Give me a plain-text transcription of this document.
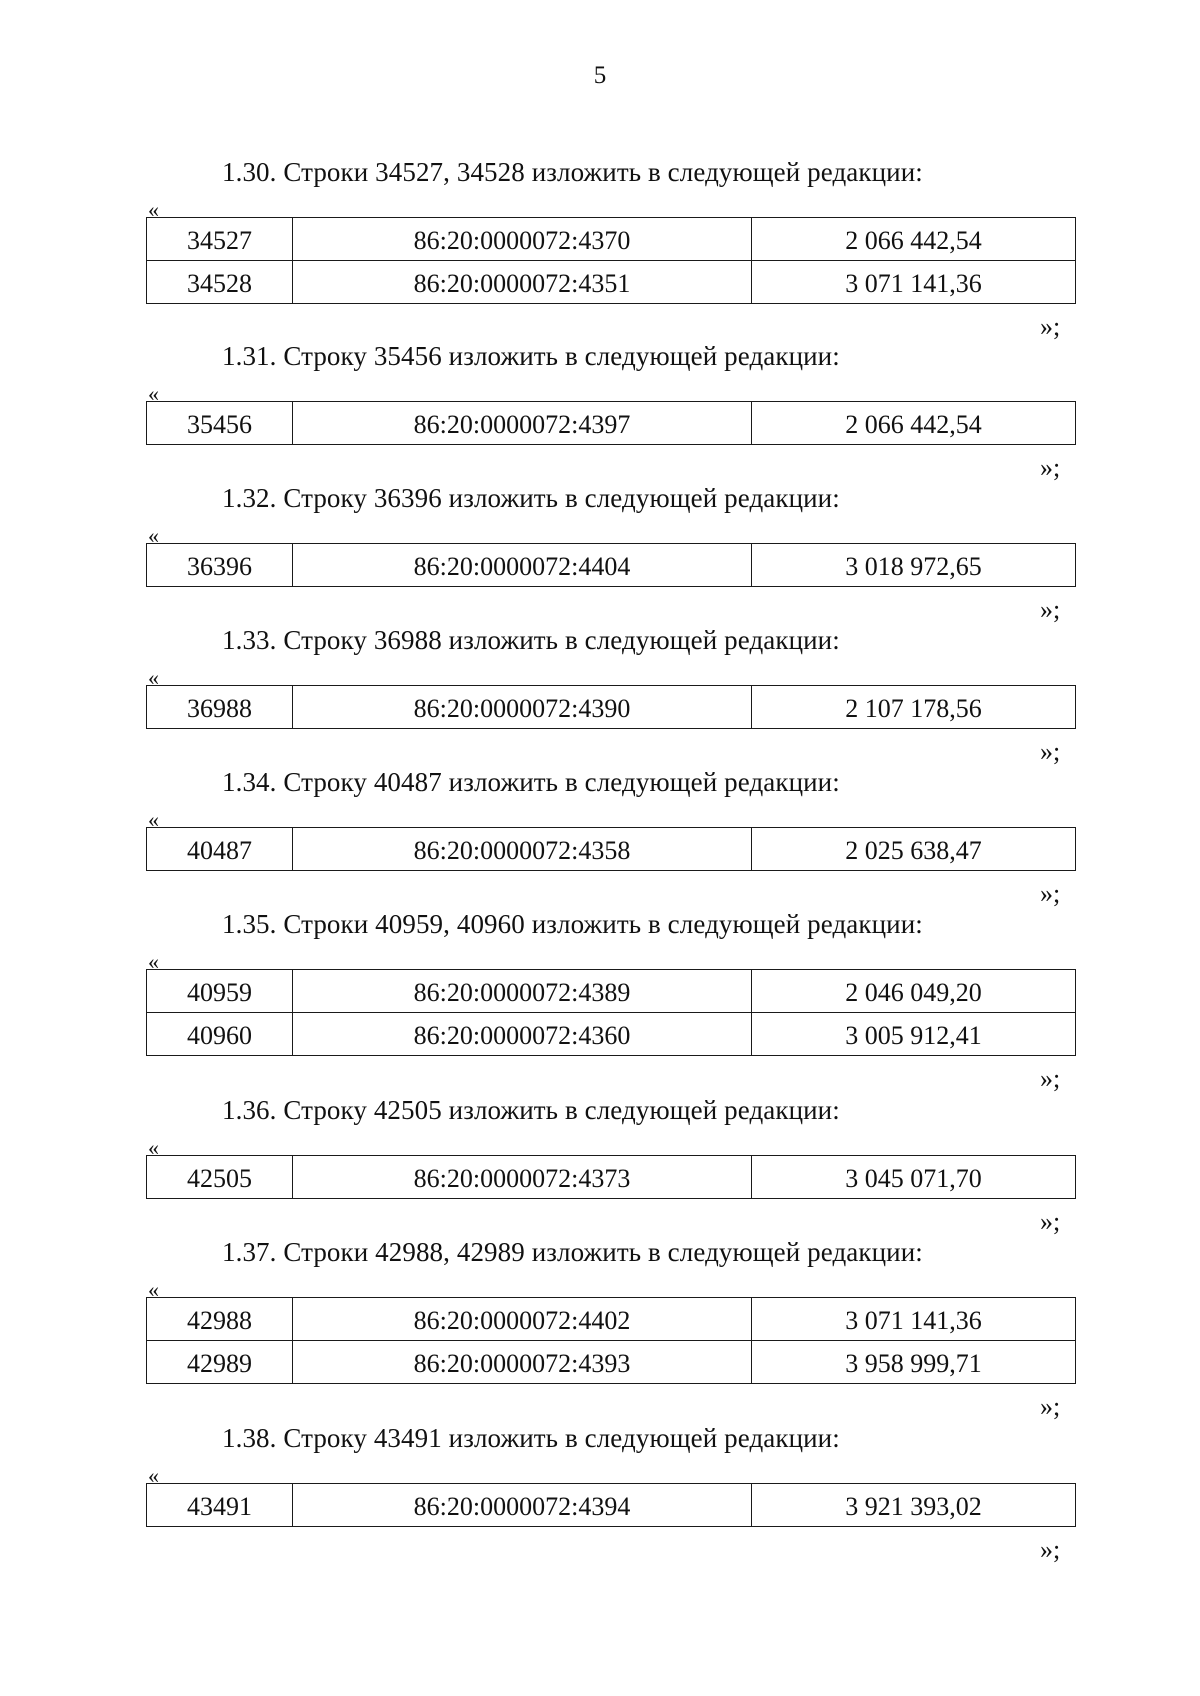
5
1.30. Строки 34527, 34528 изложить в следующей редакции:
«
34527	86:20:0000072:4370	2 066 442,54
34528	86:20:0000072:4351	3 071 141,36
»;
1.31. Строку 35456 изложить в следующей редакции:
«
35456	86:20:0000072:4397	2 066 442,54
»;
1.32. Строку 36396 изложить в следующей редакции:
«
36396	86:20:0000072:4404	3 018 972,65
»;
1.33. Строку 36988 изложить в следующей редакции:
«
36988	86:20:0000072:4390	2 107 178,56
»;
1.34. Строку 40487 изложить в следующей редакции:
«
40487	86:20:0000072:4358	2 025 638,47
»;
1.35. Строки 40959, 40960 изложить в следующей редакции:
«
40959	86:20:0000072:4389	2 046 049,20
40960	86:20:0000072:4360	3 005 912,41
»;
1.36. Строку 42505 изложить в следующей редакции:
«
42505	86:20:0000072:4373	3 045 071,70
»;
1.37. Строки 42988, 42989 изложить в следующей редакции:
«
42988	86:20:0000072:4402	3 071 141,36
42989	86:20:0000072:4393	3 958 999,71
»;
1.38. Строку 43491 изложить в следующей редакции:
«
43491	86:20:0000072:4394	3 921 393,02
»;
